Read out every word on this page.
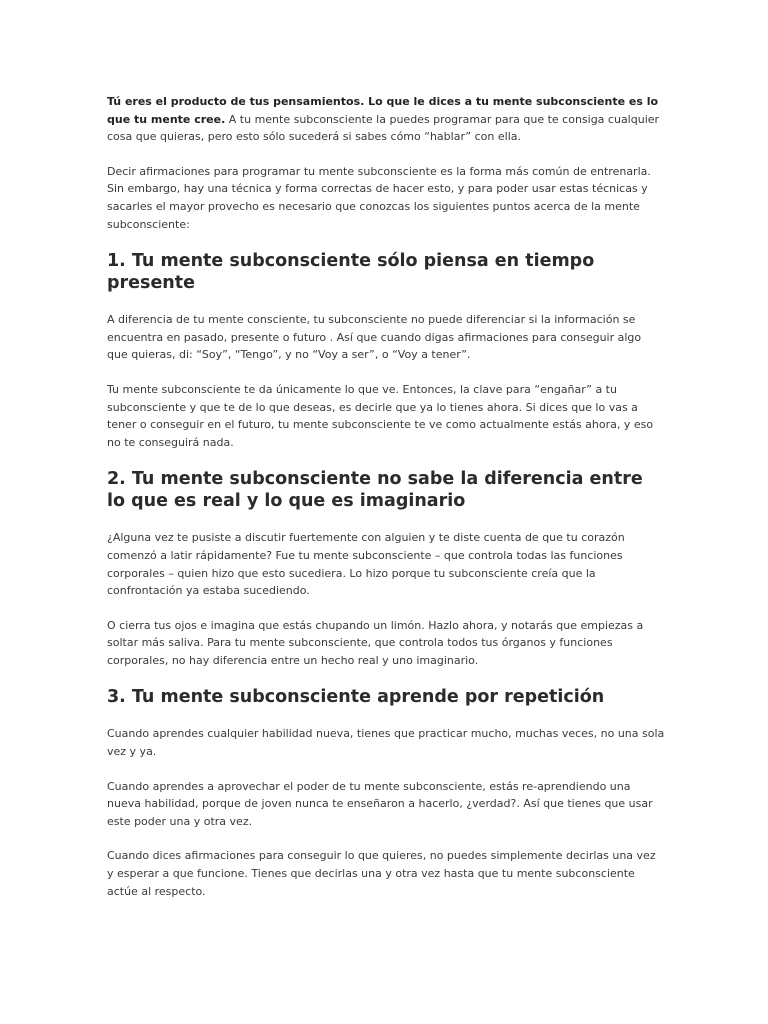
Tú eres el producto de tus pensamientos. Lo que le dices a tu mente subconsciente es lo que tu mente cree. A tu mente subconsciente la puedes programar para que te consiga cualquier cosa que quieras, pero esto sólo sucederá si sabes cómo “hablar” con ella.

Decir afirmaciones para programar tu mente subconsciente es la forma más común de entrenarla. Sin embargo, hay una técnica y forma correctas de hacer esto, y para poder usar estas técnicas y sacarles el mayor provecho es necesario que conozcas los siguientes puntos acerca de la mente subconsciente:

1. Tu mente subconsciente sólo piensa en tiempo presente

A diferencia de tu mente consciente, tu subconsciente no puede diferenciar si la información se encuentra en pasado, presente o futuro . Así que cuando digas afirmaciones para conseguir algo que quieras, di: “Soy”, “Tengo”, y no “Voy a ser”, o “Voy a tener”.

Tu mente subconsciente te da únicamente lo que ve. Entonces, la clave para “engañar” a tu subconsciente y que te de lo que deseas, es decirle que ya lo tienes ahora. Si dices que lo vas a tener o conseguir en el futuro, tu mente subconsciente te ve como actualmente estás ahora, y eso no te conseguirá nada.

2. Tu mente subconsciente no sabe la diferencia entre lo que es real y lo que es imaginario

¿Alguna vez te pusiste a discutir fuertemente con alguien y te diste cuenta de que tu corazón comenzó a latir rápidamente? Fue tu mente subconsciente – que controla todas las funciones corporales – quien hizo que esto sucediera. Lo hizo porque tu subconsciente creía que la confrontación ya estaba sucediendo.

O cierra tus ojos e imagina que estás chupando un limón. Hazlo ahora, y notarás que empiezas a soltar más saliva. Para tu mente subconsciente, que controla todos tus órganos y funciones corporales, no hay diferencia entre un hecho real y uno imaginario.

3. Tu mente subconsciente aprende por repetición

Cuando aprendes cualquier habilidad nueva, tienes que practicar mucho, muchas veces, no una sola vez y ya.

Cuando aprendes a aprovechar el poder de tu mente subconsciente, estás re-aprendiendo una nueva habilidad, porque de joven nunca te enseñaron a hacerlo, ¿verdad?. Así que tienes que usar este poder una y otra vez.

Cuando dices afirmaciones para conseguir lo que quieres, no puedes simplemente decirlas una vez y esperar a que funcione. Tienes que decirlas una y otra vez hasta que tu mente subconsciente actúe al respecto.
